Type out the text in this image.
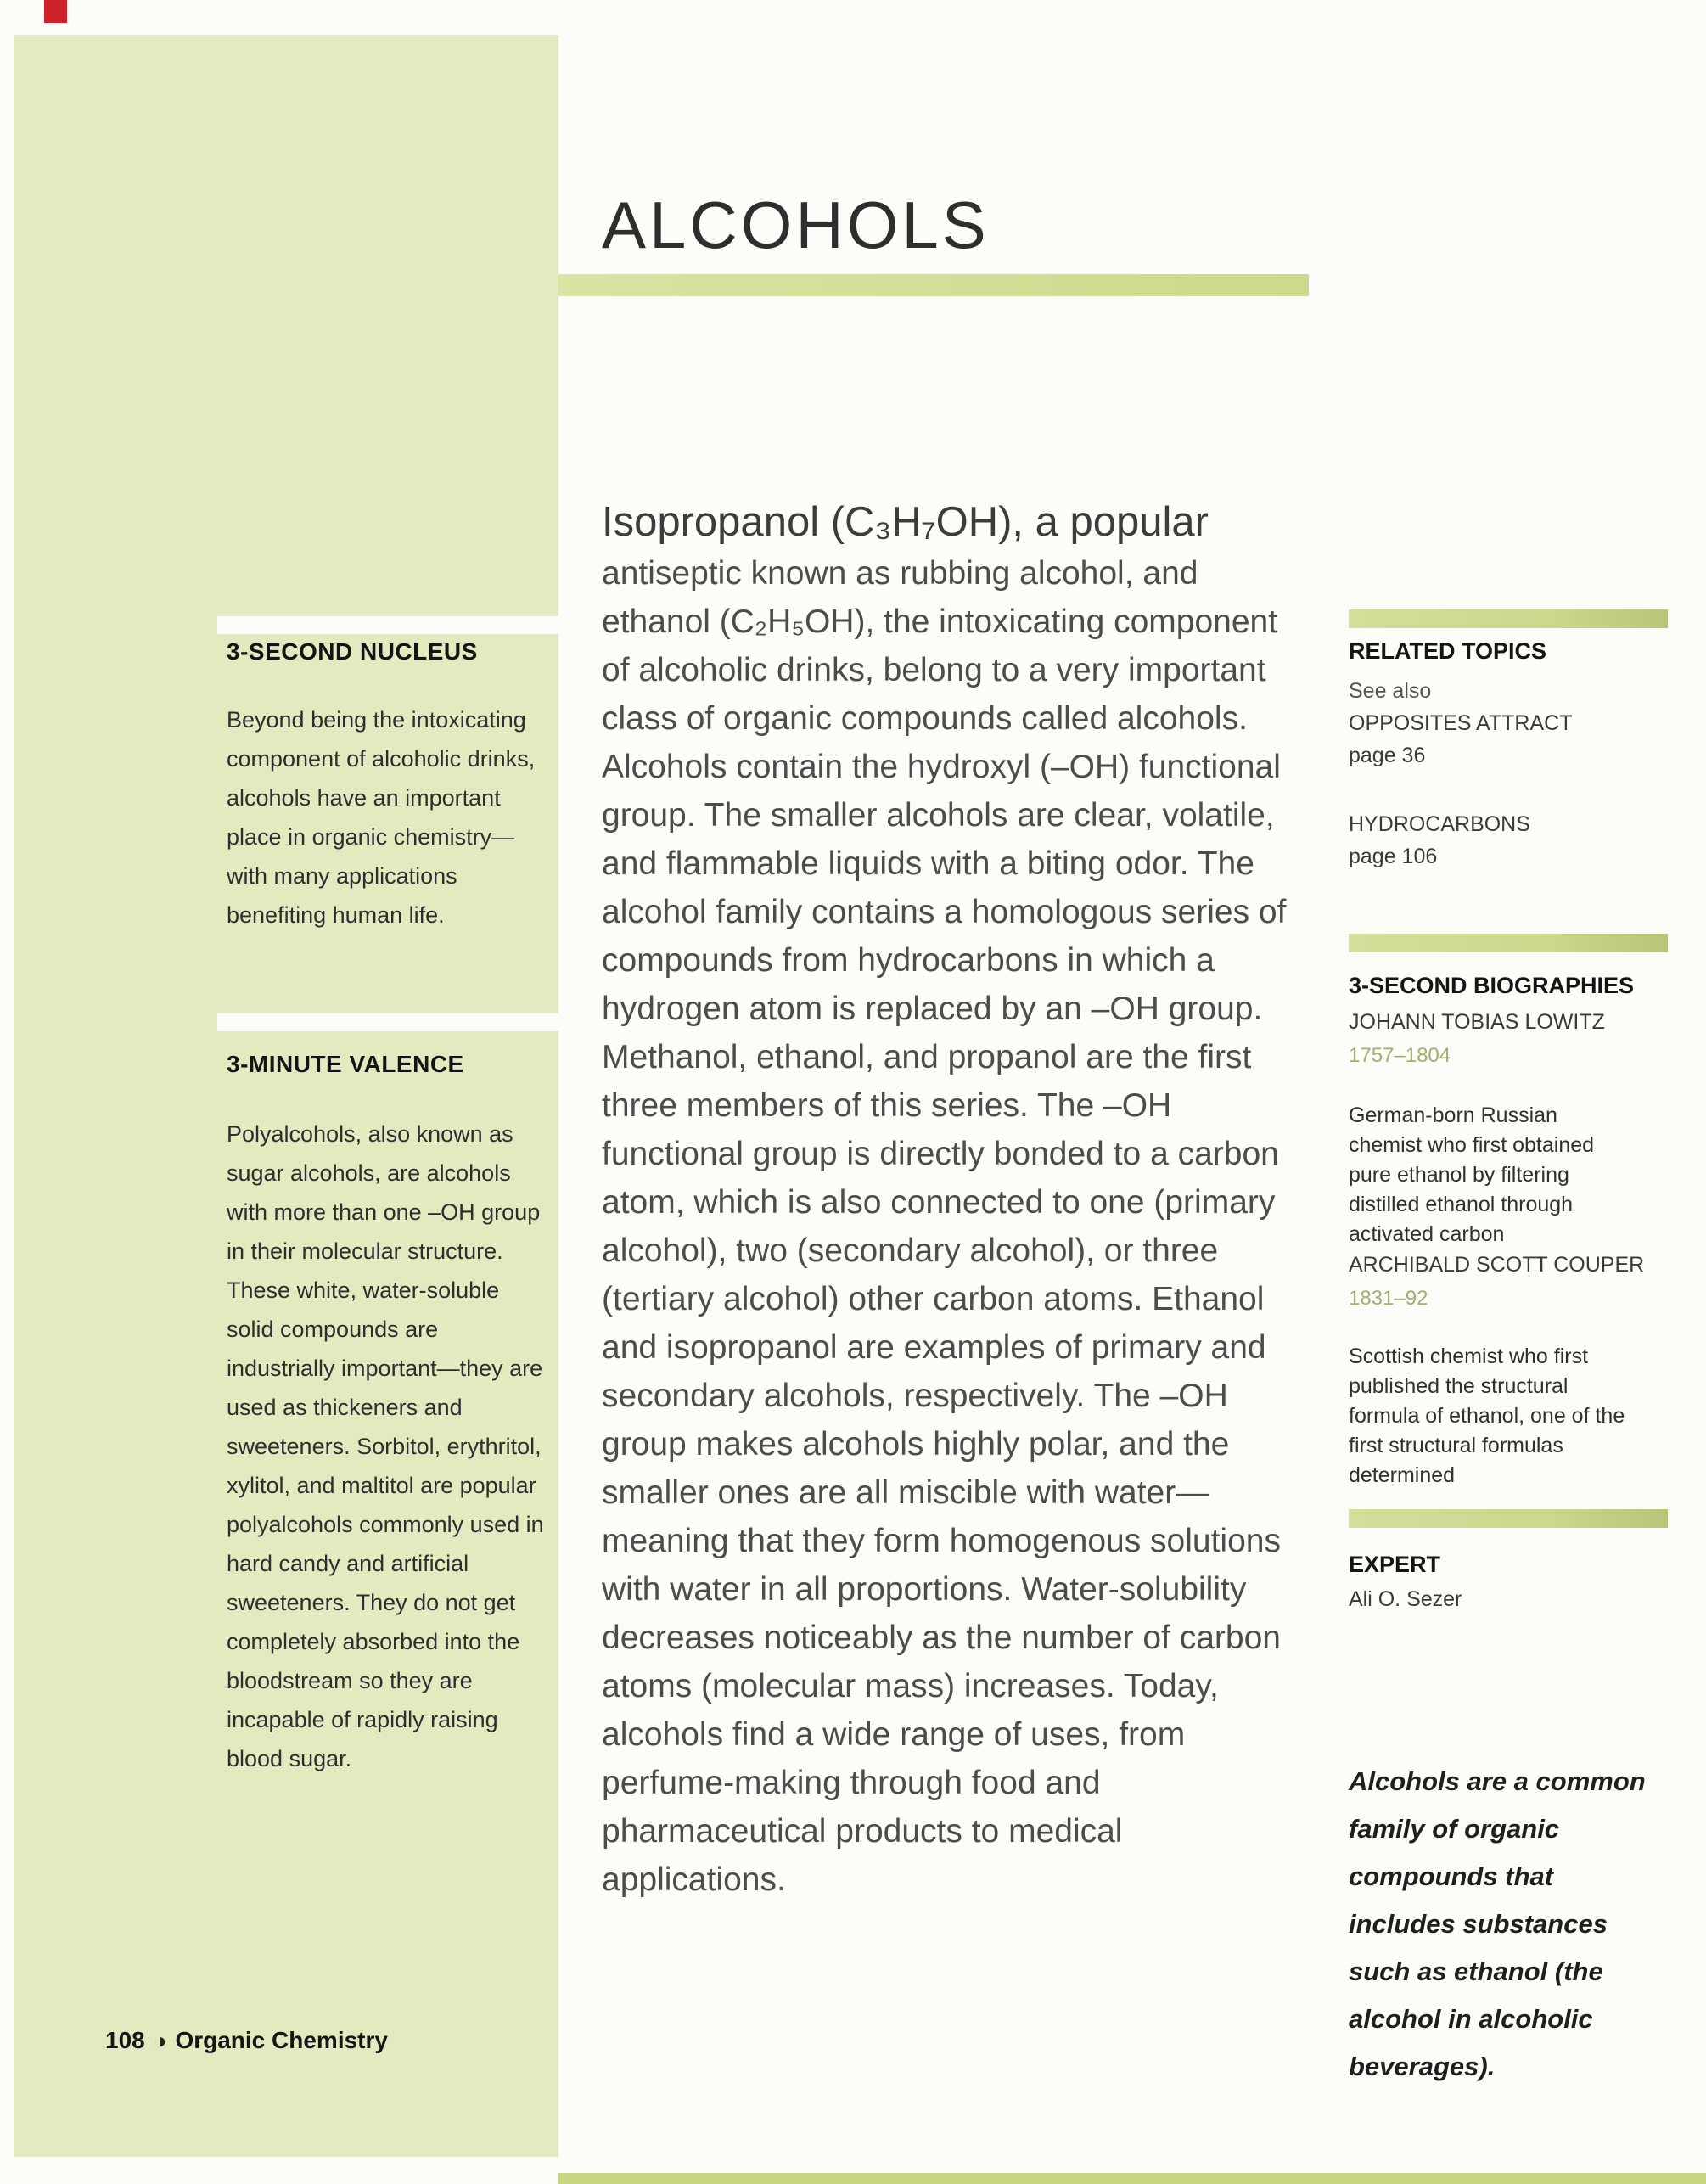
ALCOHOLS

Isopropanol (C₃H₇OH), a popular antiseptic known as rubbing alcohol, and ethanol (C₂H₅OH), the intoxicating component of alcoholic drinks, belong to a very important class of organic compounds called alcohols. Alcohols contain the hydroxyl (–OH) functional group. The smaller alcohols are clear, volatile, and flammable liquids with a biting odor. The alcohol family contains a homologous series of compounds from hydrocarbons in which a hydrogen atom is replaced by an –OH group. Methanol, ethanol, and propanol are the first three members of this series. The –OH functional group is directly bonded to a carbon atom, which is also connected to one (primary alcohol), two (secondary alcohol), or three (tertiary alcohol) other carbon atoms. Ethanol and isopropanol are examples of primary and secondary alcohols, respectively. The –OH group makes alcohols highly polar, and the smaller ones are all miscible with water—meaning that they form homogenous solutions with water in all proportions. Water-solubility decreases noticeably as the number of carbon atoms (molecular mass) increases. Today, alcohols find a wide range of uses, from perfume-making through food and pharmaceutical products to medical applications.

3-SECOND NUCLEUS

Beyond being the intoxicating component of alcoholic drinks, alcohols have an important place in organic chemistry—with many applications benefiting human life.

3-MINUTE VALENCE

Polyalcohols, also known as sugar alcohols, are alcohols with more than one –OH group in their molecular structure. These white, water-soluble solid compounds are industrially important—they are used as thickeners and sweeteners. Sorbitol, erythritol, xylitol, and maltitol are popular polyalcohols commonly used in hard candy and artificial sweeteners. They do not get completely absorbed into the bloodstream so they are incapable of rapidly raising blood sugar.

RELATED TOPICS
See also
OPPOSITES ATTRACT
page 36
HYDROCARBONS
page 106
3-SECOND BIOGRAPHIES
JOHANN TOBIAS LOWITZ
1757–1804

German-born Russian chemist who first obtained pure ethanol by filtering distilled ethanol through activated carbon

ARCHIBALD SCOTT COUPER
1831–92

Scottish chemist who first published the structural formula of ethanol, one of the first structural formulas determined

EXPERT
Ali O. Sezer

Alcohols are a common family of organic compounds that includes substances such as ethanol (the alcohol in alcoholic beverages).

108 ◑ Organic Chemistry
